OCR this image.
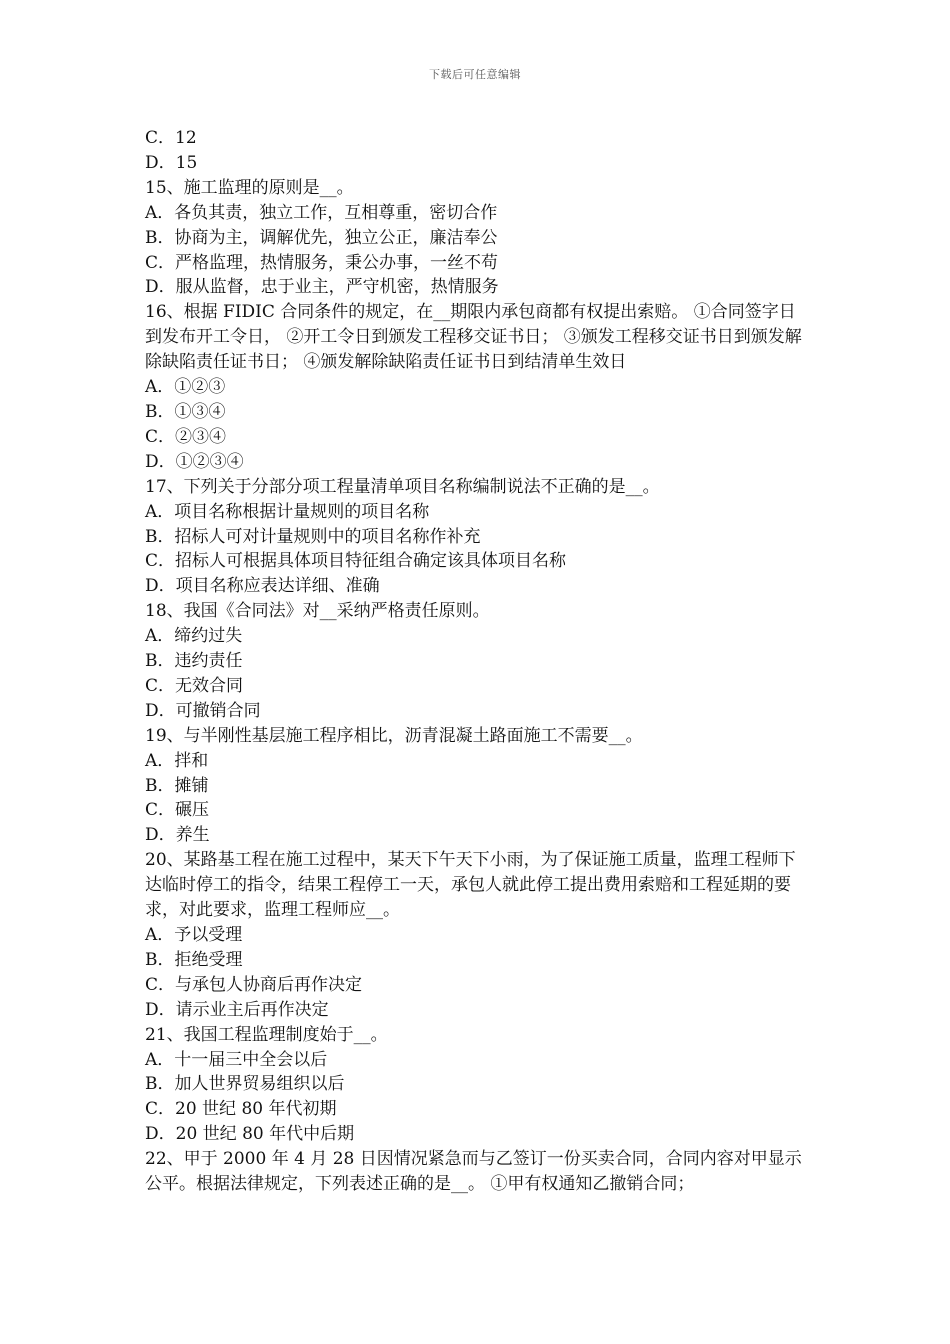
下载后可任意编辑
C．12
D．15
15、施工监理的原则是__。
A．各负其责，独立工作，互相尊重，密切合作
B．协商为主，调解优先，独立公正，廉洁奉公
C．严格监理，热情服务，秉公办事，一丝不苟
D．服从监督，忠于业主，严守机密，热情服务
16、根据 FIDIC 合同条件的规定，在__期限内承包商都有权提出索赔。 ①合同签字日到发布开工令日， ②开工令日到颁发工程移交证书日； ③颁发工程移交证书日到颁发解除缺陷责任证书日； ④颁发解除缺陷责任证书日到结清单生效日
A．①②③
B．①③④
C．②③④
D．①②③④
17、下列关于分部分项工程量清单项目名称编制说法不正确的是__。
A．项目名称根据计量规则的项目名称
B．招标人可对计量规则中的项目名称作补充
C．招标人可根据具体项目特征组合确定该具体项目名称
D．项目名称应表达详细、准确
18、我国《合同法》对__采纳严格责任原则。
A．缔约过失
B．违约责任
C．无效合同
D．可撤销合同
19、与半刚性基层施工程序相比，沥青混凝土路面施工不需要__。
A．拌和
B．摊铺
C．碾压
D．养生
20、某路基工程在施工过程中，某天下午天下小雨，为了保证施工质量，监理工程师下达临时停工的指令，结果工程停工一天，承包人就此停工提出费用索赔和工程延期的要求，对此要求，监理工程师应__。
A．予以受理
B．拒绝受理
C．与承包人协商后再作决定
D．请示业主后再作决定
21、我国工程监理制度始于__。
A．十一届三中全会以后
B．加人世界贸易组织以后
C．20 世纪 80 年代初期
D．20 世纪 80 年代中后期
22、甲于 2000 年 4 月 28 日因情况紧急而与乙签订一份买卖合同，合同内容对甲显示公平。根据法律规定，下列表述正确的是__。 ①甲有权通知乙撤销合同；
